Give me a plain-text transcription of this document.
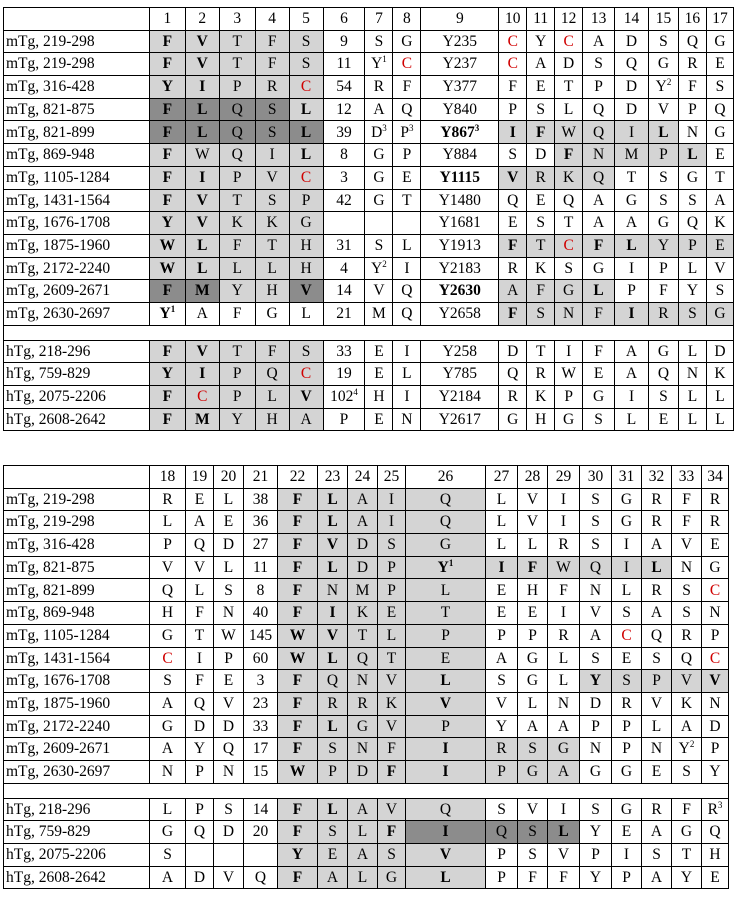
	1	2	3	4	5	6	7	8	9	10	11	12	13	14	15	16	17
mTg, 219-298	F	V	T	F	S	9	S	G	Y235	C	Y	C	A	D	S	Q	G
mTg, 219-298	F	V	T	F	S	11	$Y^1$	C	Y237	C	A	D	S	Q	G	R	E
mTg, 316-428	Y	I	P	R	C	54	R	F	Y377	F	E	T	P	D	$Y^2$	F	S
mTg, 821-875	F	L	Q	S	L	12	A	Q	Y840	P	S	L	Q	D	V	P	Q
mTg, 821-899	F	L	Q	S	L	39	$D^3$	$P^3$	$Y867^3$	I	F	W	Q	I	L	N	G
mTg, 869-948	F	W	Q	I	L	8	G	P	Y884	S	D	F	N	M	P	L	E
mTg, 1105-1284	F	I	P	V	C	3	G	E	Y1115	V	R	K	Q	T	S	G	T
mTg, 1431-1564	F	V	T	S	P	42	G	T	Y1480	Q	E	Q	A	G	S	S	A
mTg, 1676-1708	Y	V	K	K	G				Y1681	E	S	T	A	A	G	Q	K
mTg, 1875-1960	W	L	F	T	H	31	S	L	Y1913	F	T	C	F	L	Y	P	E
mTg, 2172-2240	W	L	L	L	H	4	$Y^2$	I	Y2183	R	K	S	G	I	P	L	V
mTg, 2609-2671	F	M	Y	H	V	14	V	Q	Y2630	A	F	G	L	P	F	Y	S
mTg, 2630-2697	$Y^1$	A	F	G	L	21	M	Q	Y2658	F	S	N	F	I	R	S	G

hTg, 218-296	F	V	T	F	S	33	E	I	Y258	D	T	I	F	A	G	L	D
hTg, 759-829	Y	I	P	Q	C	19	E	L	Y785	Q	R	W	E	A	Q	N	K
hTg, 2075-2206	F	C	P	L	V	$102^4$	H	I	Y2184	R	K	P	G	I	S	L	L
hTg, 2608-2642	F	M	Y	H	A	P	E	N	Y2617	G	H	G	S	L	E	L	L
	18	19	20	21	22	23	24	25	26	27	28	29	30	31	32	33	34
mTg, 219-298	R	E	L	38	F	L	A	I	Q	L	V	I	S	G	R	F	R
mTg, 219-298	L	A	E	36	F	L	A	I	Q	L	V	I	S	G	R	F	R
mTg, 316-428	P	Q	D	27	F	V	D	S	G	L	L	R	S	I	A	V	E
mTg, 821-875	V	V	L	11	F	L	D	P	$Y^1$	I	F	W	Q	I	L	N	G
mTg, 821-899	Q	L	S	8	F	N	M	P	L	E	H	F	N	L	R	S	C
mTg, 869-948	H	F	N	40	F	I	K	E	T	E	E	I	V	S	A	S	N
mTg, 1105-1284	G	T	W	145	W	V	T	L	P	P	P	R	A	C	Q	R	P
mTg, 1431-1564	C	I	P	60	W	L	Q	T	E	A	G	L	S	E	S	Q	C
mTg, 1676-1708	S	F	E	3	F	Q	N	V	L	S	G	L	Y	S	P	V	V
mTg, 1875-1960	A	Q	V	23	F	R	R	K	V	V	L	N	D	R	V	K	N
mTg, 2172-2240	G	D	D	33	F	L	G	V	P	Y	A	A	P	P	L	A	D
mTg, 2609-2671	A	Y	Q	17	F	S	N	F	I	R	S	G	N	P	N	$Y^2$	P
mTg, 2630-2697	N	P	N	15	W	P	D	F	I	P	G	A	G	G	E	S	Y

hTg, 218-296	L	P	S	14	F	L	A	V	Q	S	V	I	S	G	R	F	$R^3$
hTg, 759-829	G	Q	D	20	F	S	L	F	I	Q	S	L	Y	E	A	G	Q
hTg, 2075-2206	S				Y	E	A	S	V	P	S	V	P	I	S	T	H
hTg, 2608-2642	A	D	V	Q	F	A	L	G	L	P	F	F	Y	P	A	Y	E
